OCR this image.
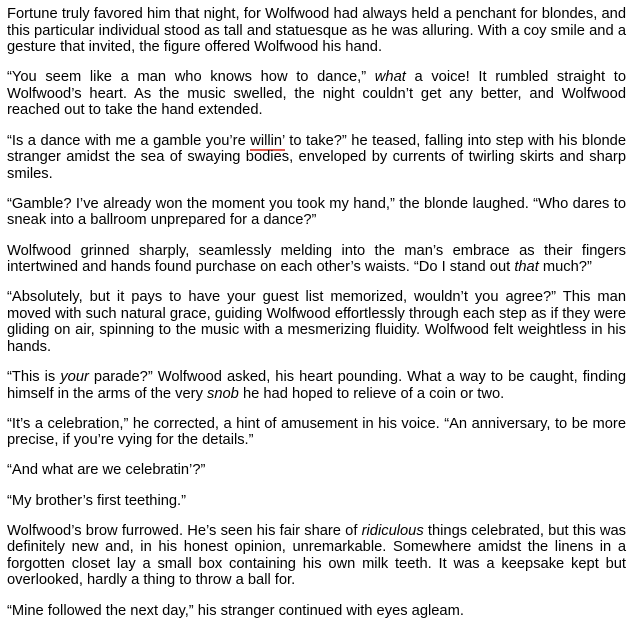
Fortune truly favored him that night, for Wolfwood had always held a penchant for blondes, and this particular individual stood as tall and statuesque as he was alluring. With a coy smile and a gesture that invited, the figure offered Wolfwood his hand.

“You seem like a man who knows how to dance,” what a voice! It rumbled straight to Wolfwood’s heart. As the music swelled, the night couldn’t get any better, and Wolfwood reached out to take the hand extended.

“Is a dance with me a gamble you’re willin’ to take?” he teased, falling into step with his blonde stranger amidst the sea of swaying bodies, enveloped by currents of twirling skirts and sharp smiles.

“Gamble? I’ve already won the moment you took my hand,” the blonde laughed. “Who dares to sneak into a ballroom unprepared for a dance?”

Wolfwood grinned sharply, seamlessly melding into the man’s embrace as their fingers intertwined and hands found purchase on each other’s waists. “Do I stand out that much?”

“Absolutely, but it pays to have your guest list memorized, wouldn’t you agree?” This man moved with such natural grace, guiding Wolfwood effortlessly through each step as if they were gliding on air, spinning to the music with a mesmerizing fluidity. Wolfwood felt weightless in his hands.

“This is your parade?” Wolfwood asked, his heart pounding. What a way to be caught, finding himself in the arms of the very snob he had hoped to relieve of a coin or two.

“It’s a celebration,” he corrected, a hint of amusement in his voice. “An anniversary, to be more precise, if you’re vying for the details.”

“And what are we celebratin’?”

“My brother’s first teething.”

Wolfwood’s brow furrowed. He’s seen his fair share of ridiculous things celebrated, but this was definitely new and, in his honest opinion, unremarkable. Somewhere amidst the linens in a forgotten closet lay a small box containing his own milk teeth. It was a keepsake kept but overlooked, hardly a thing to throw a ball for.

“Mine followed the next day,” his stranger continued with eyes agleam.
